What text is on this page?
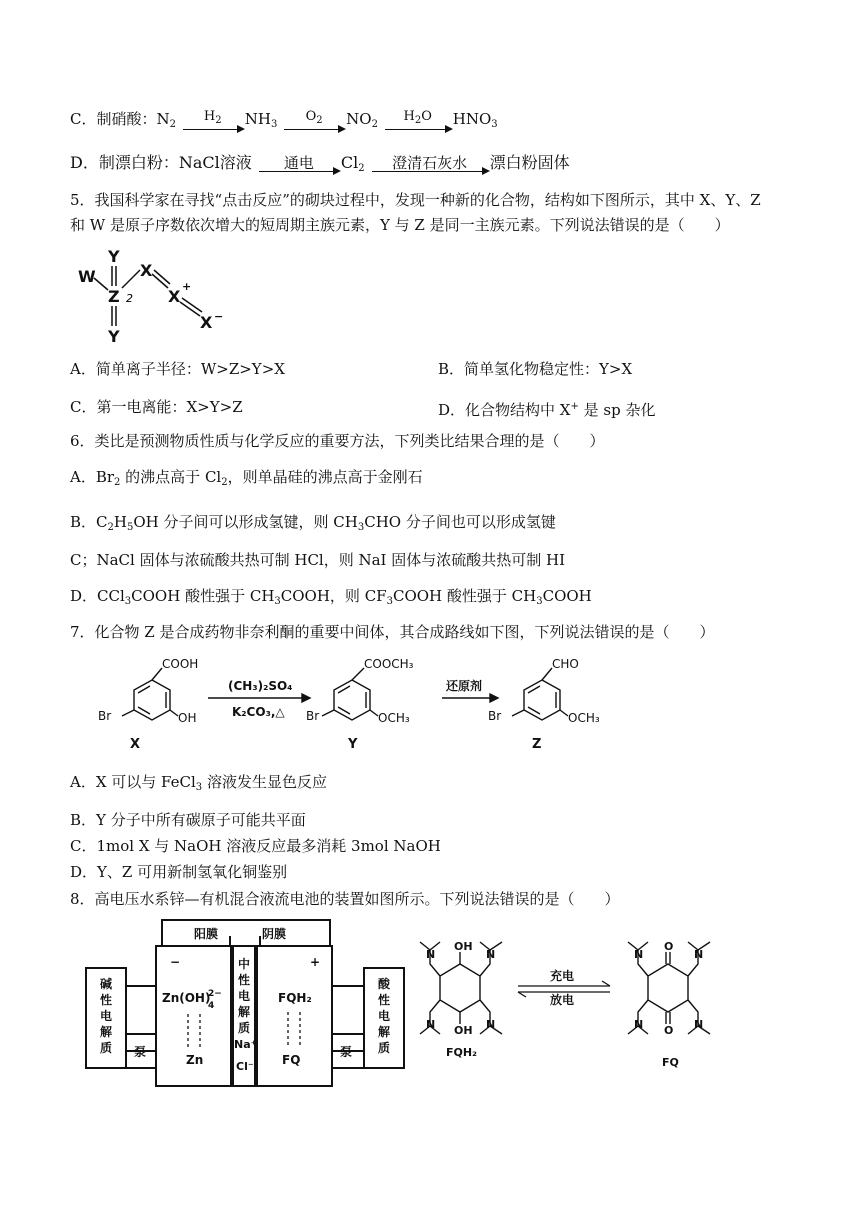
C．制硝酸：$N_2$
$H_2$	$NH_3$
$O_2$	$NO_2$
$H_2O$	$HNO_3$
D．制漂白粉：NaCl溶液	通电	$Cl_2$	澄清石灰水	漂白粉固体
5．我国科学家在寻找“点击反应”的砌块过程中，发现一种新的化合物，结构如下图所示，其中 X、Y、Z
和 W 是原子序数依次增大的短周期主族元素，Y 与 Z 是同一主族元素。下列说法错误的是（　　）
W
Y
Z
Y
X
X
+
X −
2
A．简单离子半径：W>Z>Y>X	B．简单氢化物稳定性：Y>X
C．第一电离能：X>Y>Z	D．化合物结构中 X+ 是 sp 杂化
6．类比是预测物质性质与化学反应的重要方法，下列类比结果合理的是（　　）
A．$Br_2$ 的沸点高于 $Cl_2$，则单晶硅的沸点高于金刚石
B．$C_2H_5OH$ 分子间可以形成氢键，则 $CH_3CHO$ 分子间也可以形成氢键
C；NaCl 固体与浓硫酸共热可制 HCl，则 NaI 固体与浓硫酸共热可制 HI
D．CCl$_3$COOH 酸性强于 $CH_3COOH$，则 $CF_3COOH$ 酸性强于 $CH_3COOH$
7．化合物 Z 是合成药物非奈利酮的重要中间体，其合成路线如下图，下列说法错误的是（　　）
COOH
OH
Br
X
COOCH₃
OCH₃
Br
Y
CHO
OCH₃
Br
Z
(CH₃)₂SO₄
K₂CO₃,△
还原剂
A．X 可以与 FeCl$_3$ 溶液发生显色反应
B．Y 分子中所有碳原子可能共平面
C．1mol X 与 NaOH 溶液反应最多消耗 3mol NaOH
D．Y、Z 可用新制氢氧化铜鉴别
8．高电压水系锌—有机混合液流电池的装置如图所示。下列说法错误的是（　　）
阳膜	阴膜
−	+
碱
性
电
解
质
酸
性
电
解
质
中
性
电
解
质
Na⁺
Cl⁻
泵	泵
Zn(OH)
2−
4
Zn
FQH₂
FQ
OH
OH
N	N
N	N
O
O
N	N
N	N
FQH₂
FQ
充电
放电
